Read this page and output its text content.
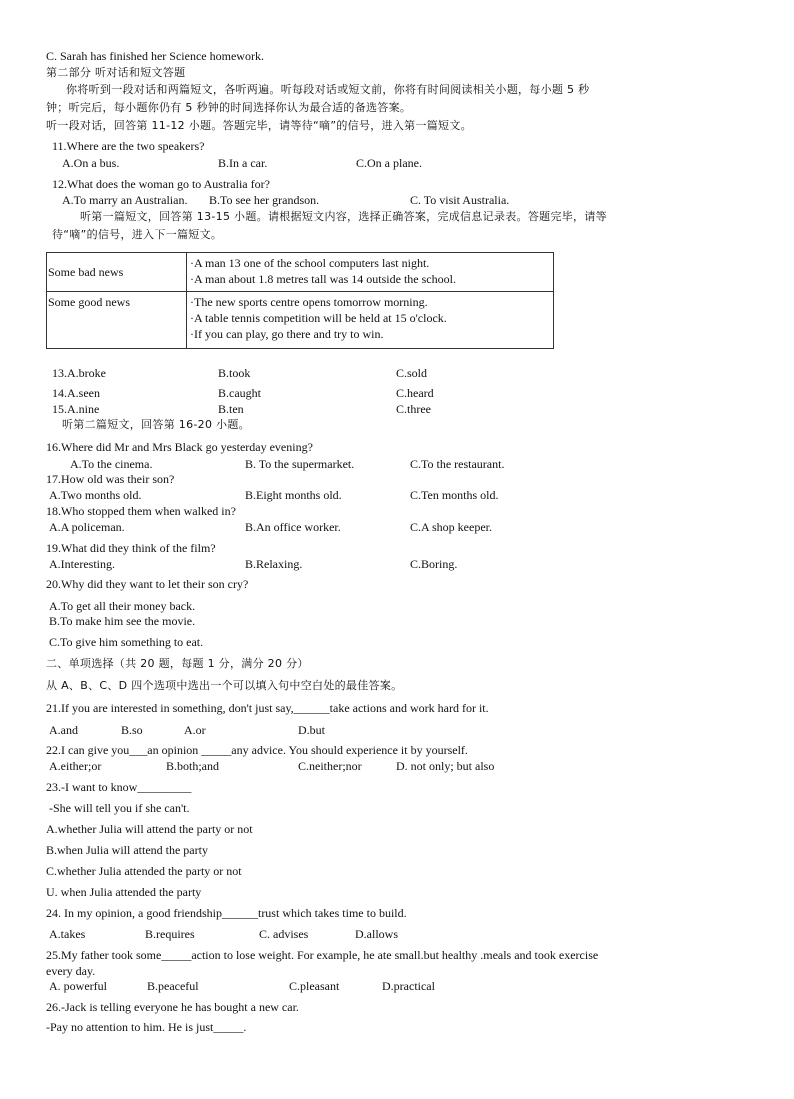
C. Sarah has finished her Science homework.
第二部分 听对话和短文答题
你将听到一段对话和两篇短文，各听两遍。听每段对话或短文前，你将有时间阅读相关小题，每小题 5 秒
钟；听完后，每小题你仍有 5 秒钟的时间选择你认为最合适的备选答案。
听一段对话，回答第 11-12 小题。答题完毕，请等待“嘀”的信号，进入第一篇短文。
11.Where are the two speakers?
A.On a bus.	B.In a car.	C.On a plane.
12.What does the woman go to Australia for?
A.To marry an Australian. B.To see her grandson.	C. To visit Australia.
听第一篇短文，回答第 13-15 小题。请根据短文内容，选择正确答案，完成信息记录表。答题完毕，请等
待“嘀”的信号，进入下一篇短文。
Some bad news	·A man 13 one of the school computers last night.
·A man about 1.8 metres tall was 14 outside the school.

Some good news	·The new sports centre opens tomorrow morning.
·A table tennis competition will be held at 15 o'clock.
·If you can play, go there and try to win.
13.A.broke	B.took	C.sold
14.A.seen	B.caught	C.heard
15.A.nine	B.ten	C.three
听第二篇短文，回答第 16-20 小题。
16.Where did Mr and Mrs Black go yesterday evening?
A.To the cinema.	B. To the supermarket.	C.To the restaurant.
17.How old was their son?
A.Two months old.	B.Eight months old.	C.Ten months old.
18.Who stopped them when walked in?
A.A policeman.	B.An office worker.	C.A shop keeper.
19.What did they think of the film?
A.Interesting.	B.Relaxing.	C.Boring.
20.Why did they want to let their son cry?
A.To get all their money back.
B.To make him see the movie.
C.To give him something to eat.
二、单项选择（共 20 题，每题 1 分，满分 20 分）
从 A、B、C、D 四个选项中选出一个可以填入句中空白处的最佳答案。
21.If you are interested in something, don't just say,______take actions and work hard for it.
A.and	B.so	A.or	D.but
22.I can give you___an opinion _____any advice. You should experience it by yourself.
A.either;or	B.both;and	C.neither;nor	D. not only; but also
23.-I want to know_________
-She will tell you if she can't.
A.whether Julia will attend the party or not
B.when Julia will attend the party
C.whether Julia attended the party or not
U. when Julia attended the party
24. In my opinion, a good friendship______trust which takes time to build.
A.takes	B.requires	C. advises	D.allows
25.My father took some_____action to lose weight. For example, he ate small.but healthy .meals and took exercise
every day.
A. powerful	B.peaceful	C.pleasant	D.practical
26.-Jack is telling everyone he has bought a new car.
-Pay no attention to him. He is just_____.
